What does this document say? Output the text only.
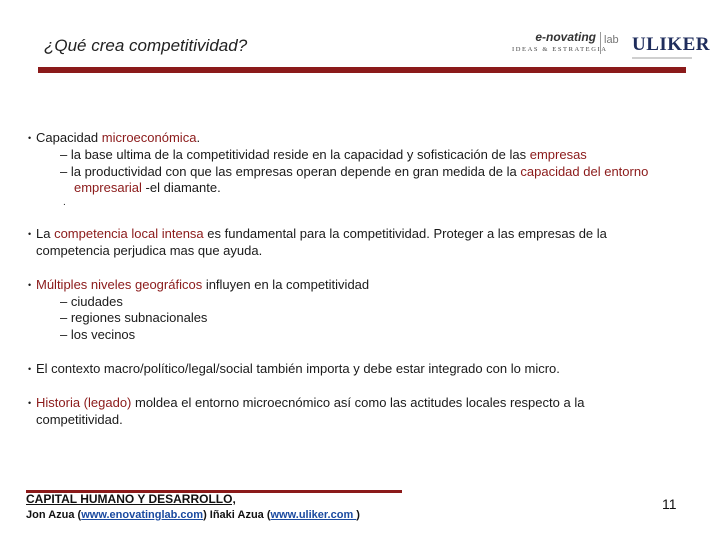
¿Qué crea competitividad?	e-novating lab
IDEAS & ESTRATEGIA ULIKER
• Capacidad microeconómica.
– la base ultima de la competitividad reside en la capacidad y sofisticación de las empresas
– la productividad con que las empresas operan depende en gran medida de la capacidad del entorno
empresarial -el diamante.
.
• La competencia local intensa es fundamental para la competitividad. Proteger a las empresas de la
competencia perjudica mas que ayuda.
• Múltiples niveles geográficos influyen en la competitividad
– ciudades
– regiones subnacionales
– los vecinos
• El contexto macro/político/legal/social también importa y debe estar integrado con lo micro.
• Historia (legado) moldea el entorno microecnómico así como las actitudes locales respecto a la
competitividad.
CAPITAL HUMANO Y DESARROLLO,
Jon Azua (www.enovatinglab.com) Iñaki Azua (www.uliker.com )
11
